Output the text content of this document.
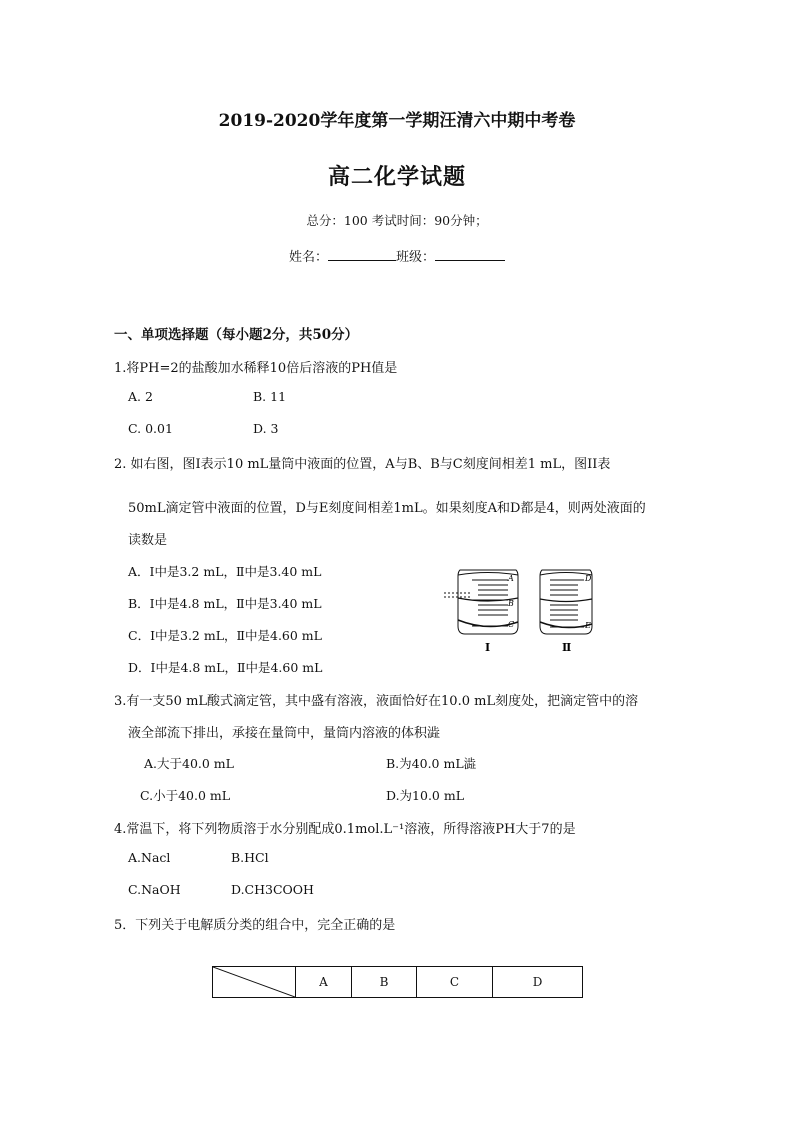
2019-2020学年度第一学期汪清六中期中考卷
高二化学试题
总分：100 考试时间：90分钟；
姓名：	班级：
一、单项选择题（每小题2分，共50分）
1.将PH=2的盐酸加水稀释10倍后溶液的PH值是
A. 2	B. 11
C. 0.01	D. 3
2. 如右图，图Ⅰ表示10 mL量筒中液面的位置，A与B、B与C刻度间相差1 mL，图II表
50mL滴定管中液面的位置，D与E刻度间相差1mL。如果刻度A和D都是4，则两处液面的
读数是
A．Ⅰ中是3.2 mL，Ⅱ中是3.40 mL
B．Ⅰ中是4.8 mL，Ⅱ中是3.40 mL
C．Ⅰ中是3.2 mL，Ⅱ中是4.60 mL
D．Ⅰ中是4.8 mL，Ⅱ中是4.60 mL
A
B
C
Ⅰ
D
E
Ⅱ
3.有一支50 mL酸式滴定管，其中盛有溶液，液面恰好在10.0 mL刻度处，把滴定管中的溶
液全部流下排出，承接在量筒中，量筒内溶液的体积澁
A.大于40.0 mL	B.为40.0 mL澁
C.小于40.0 mL	D.为10.0 mL
4.常温下，将下列物质溶于水分别配成0.1mol.L⁻¹溶液，所得溶液PH大于7的是
A.Nacl	B.HCl
C.NaOH	D.CH3COOH
5．下列关于电解质分类的组合中，完全正确的是
	A	B	C	D
